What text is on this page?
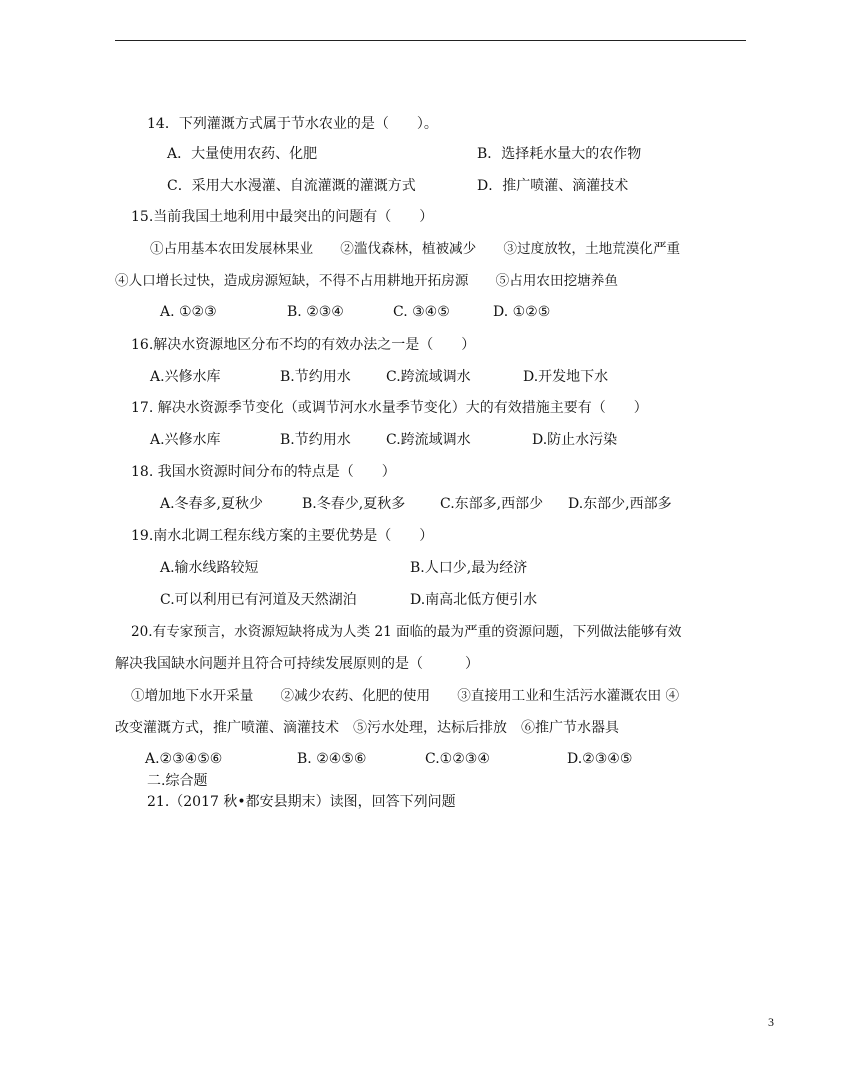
14．下列灌溉方式属于节水农业的是（　　）。
A．大量使用农药、化肥	B．选择耗水量大的农作物
C．采用大水漫灌、自流灌溉的灌溉方式	D．推广喷灌、滴灌技术
15.当前我国土地利用中最突出的问题有（　　）
①占用基本农田发展林果业　　②滥伐森林，植被减少　　③过度放牧，土地荒漠化严重
④人口增长过快，造成房源短缺，不得不占用耕地开拓房源　　⑤占用农田挖塘养鱼
A. ①②③	B. ②③④	C. ③④⑤	D. ①②⑤
16.解决水资源地区分布不均的有效办法之一是（　　）
A.兴修水库	B.节约用水	C.跨流域调水	D.开发地下水
17. 解决水资源季节变化（或调节河水水量季节变化）大的有效措施主要有（　　）
A.兴修水库	B.节约用水	C.跨流域调水	D.防止水污染
18. 我国水资源时间分布的特点是（　　）
A.冬春多,夏秋少	B.冬春少,夏秋多 C.东部多,西部少 D.东部少,西部多
19.南水北调工程东线方案的主要优势是（　　）
A.输水线路较短	B.人口少,最为经济
C.可以利用已有河道及天然湖泊	D.南高北低方便引水
20.有专家预言，水资源短缺将成为人类 21 面临的最为严重的资源问题，下列做法能够有效
解决我国缺水问题并且符合可持续发展原则的是（　　　）
①增加地下水开采量　　②减少农药、化肥的使用　　③直接用工业和生活污水灌溉农田 ④
改变灌溉方式，推广喷灌、滴灌技术　⑤污水处理，达标后排放　⑥推广节水器具
A.②③④⑤⑥	B. ②④⑤⑥	C.①②③④	D.②③④⑤
二.综合题
21.（2017 秋•都安县期末）读图，回答下列问题
3
